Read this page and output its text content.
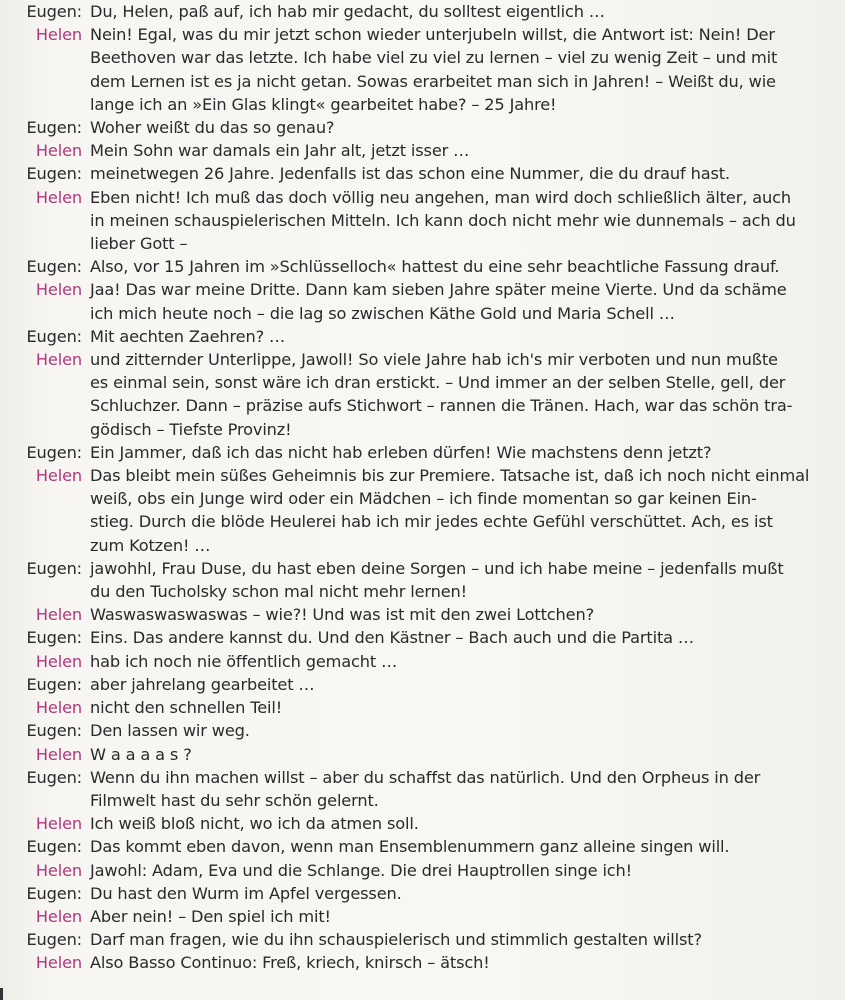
Eugen: Du, Helen, paß auf, ich hab mir gedacht, du solltest eigentlich …
Helen Nein! Egal, was du mir jetzt schon wieder unterjubeln willst, die Antwort ist: Nein! Der
Beethoven war das letzte. Ich habe viel zu viel zu lernen – viel zu wenig Zeit – und mit
dem Lernen ist es ja nicht getan. Sowas erarbeitet man sich in Jahren! – Weißt du, wie
lange ich an »Ein Glas klingt« gearbeitet habe? – 25 Jahre!
Eugen: Woher weißt du das so genau?
Helen Mein Sohn war damals ein Jahr alt, jetzt isser …
Eugen: meinetwegen 26 Jahre. Jedenfalls ist das schon eine Nummer, die du drauf hast.
Helen Eben nicht! Ich muß das doch völlig neu angehen, man wird doch schließlich älter, auch
in meinen schauspielerischen Mitteln. Ich kann doch nicht mehr wie dunnemals – ach du
lieber Gott –
Eugen: Also, vor 15 Jahren im »Schlüsselloch« hattest du eine sehr beachtliche Fassung drauf.
Helen Jaa! Das war meine Dritte. Dann kam sieben Jahre später meine Vierte. Und da schäme
ich mich heute noch – die lag so zwischen Käthe Gold und Maria Schell …
Eugen: Mit aechten Zaehren? …
Helen und zitternder Unterlippe, Jawoll! So viele Jahre hab ich's mir verboten und nun mußte
es einmal sein, sonst wäre ich dran erstickt. – Und immer an der selben Stelle, gell, der
Schluchzer. Dann – präzise aufs Stichwort – rannen die Tränen. Hach, war das schön tra-
gödisch – Tiefste Provinz!
Eugen: Ein Jammer, daß ich das nicht hab erleben dürfen! Wie machstens denn jetzt?
Helen Das bleibt mein süßes Geheimnis bis zur Premiere. Tatsache ist, daß ich noch nicht einmal
weiß, obs ein Junge wird oder ein Mädchen – ich finde momentan so gar keinen Ein-
stieg. Durch die blöde Heulerei hab ich mir jedes echte Gefühl verschüttet. Ach, es ist
zum Kotzen! …
Eugen: jawohhl, Frau Duse, du hast eben deine Sorgen – und ich habe meine – jedenfalls mußt
du den Tucholsky schon mal nicht mehr lernen!
Helen Waswaswaswaswas – wie?! Und was ist mit den zwei Lottchen?
Eugen: Eins. Das andere kannst du. Und den Kästner – Bach auch und die Partita …
Helen hab ich noch nie öffentlich gemacht …
Eugen: aber jahrelang gearbeitet …
Helen nicht den schnellen Teil!
Eugen: Den lassen wir weg.
Helen W a a a a s ?
Eugen: Wenn du ihn machen willst – aber du schaffst das natürlich. Und den Orpheus in der
Filmwelt hast du sehr schön gelernt.
Helen Ich weiß bloß nicht, wo ich da atmen soll.
Eugen: Das kommt eben davon, wenn man Ensemblenummern ganz alleine singen will.
Helen Jawohl: Adam, Eva und die Schlange. Die drei Hauptrollen singe ich!
Eugen: Du hast den Wurm im Apfel vergessen.
Helen Aber nein! – Den spiel ich mit!
Eugen: Darf man fragen, wie du ihn schauspielerisch und stimmlich gestalten willst?
Helen Also Basso Continuo: Freß, kriech, knirsch – ätsch!
